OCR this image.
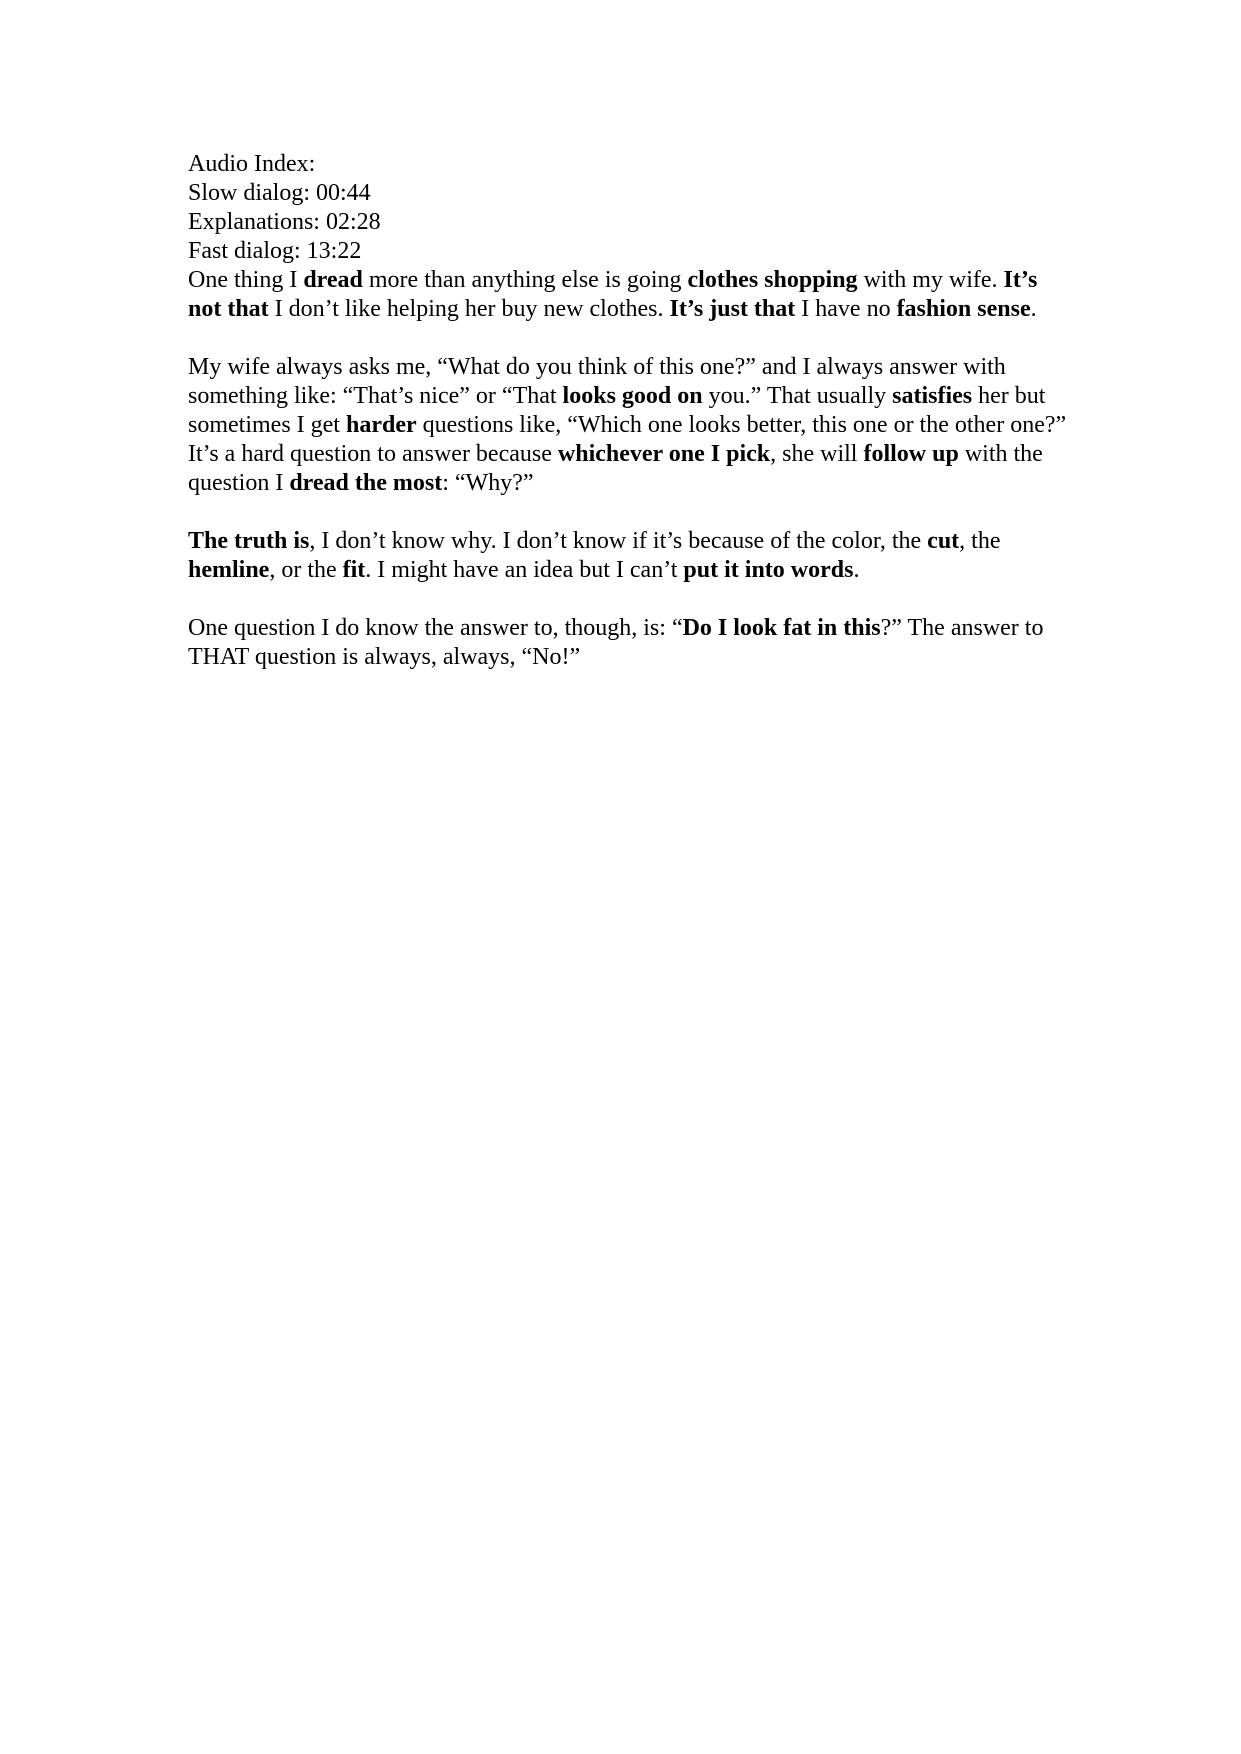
Audio Index:

Slow dialog: 00:44

Explanations: 02:28

Fast dialog: 13:22

One thing I dread more than anything else is going clothes shopping with my wife. It’s not that I don’t like helping her buy new clothes. It’s just that I have no fashion sense.

My wife always asks me, “What do you think of this one?” and I always answer with something like: “That’s nice” or “That looks good on you.” That usually satisfies her but sometimes I get harder questions like, “Which one looks better, this one or the other one?” It’s a hard question to answer because whichever one I pick, she will follow up with the question I dread the most: “Why?”

The truth is, I don’t know why. I don’t know if it’s because of the color, the cut, the hemline, or the fit. I might have an idea but I can’t put it into words.

One question I do know the answer to, though, is: “Do I look fat in this?” The answer to THAT question is always, always, “No!”
